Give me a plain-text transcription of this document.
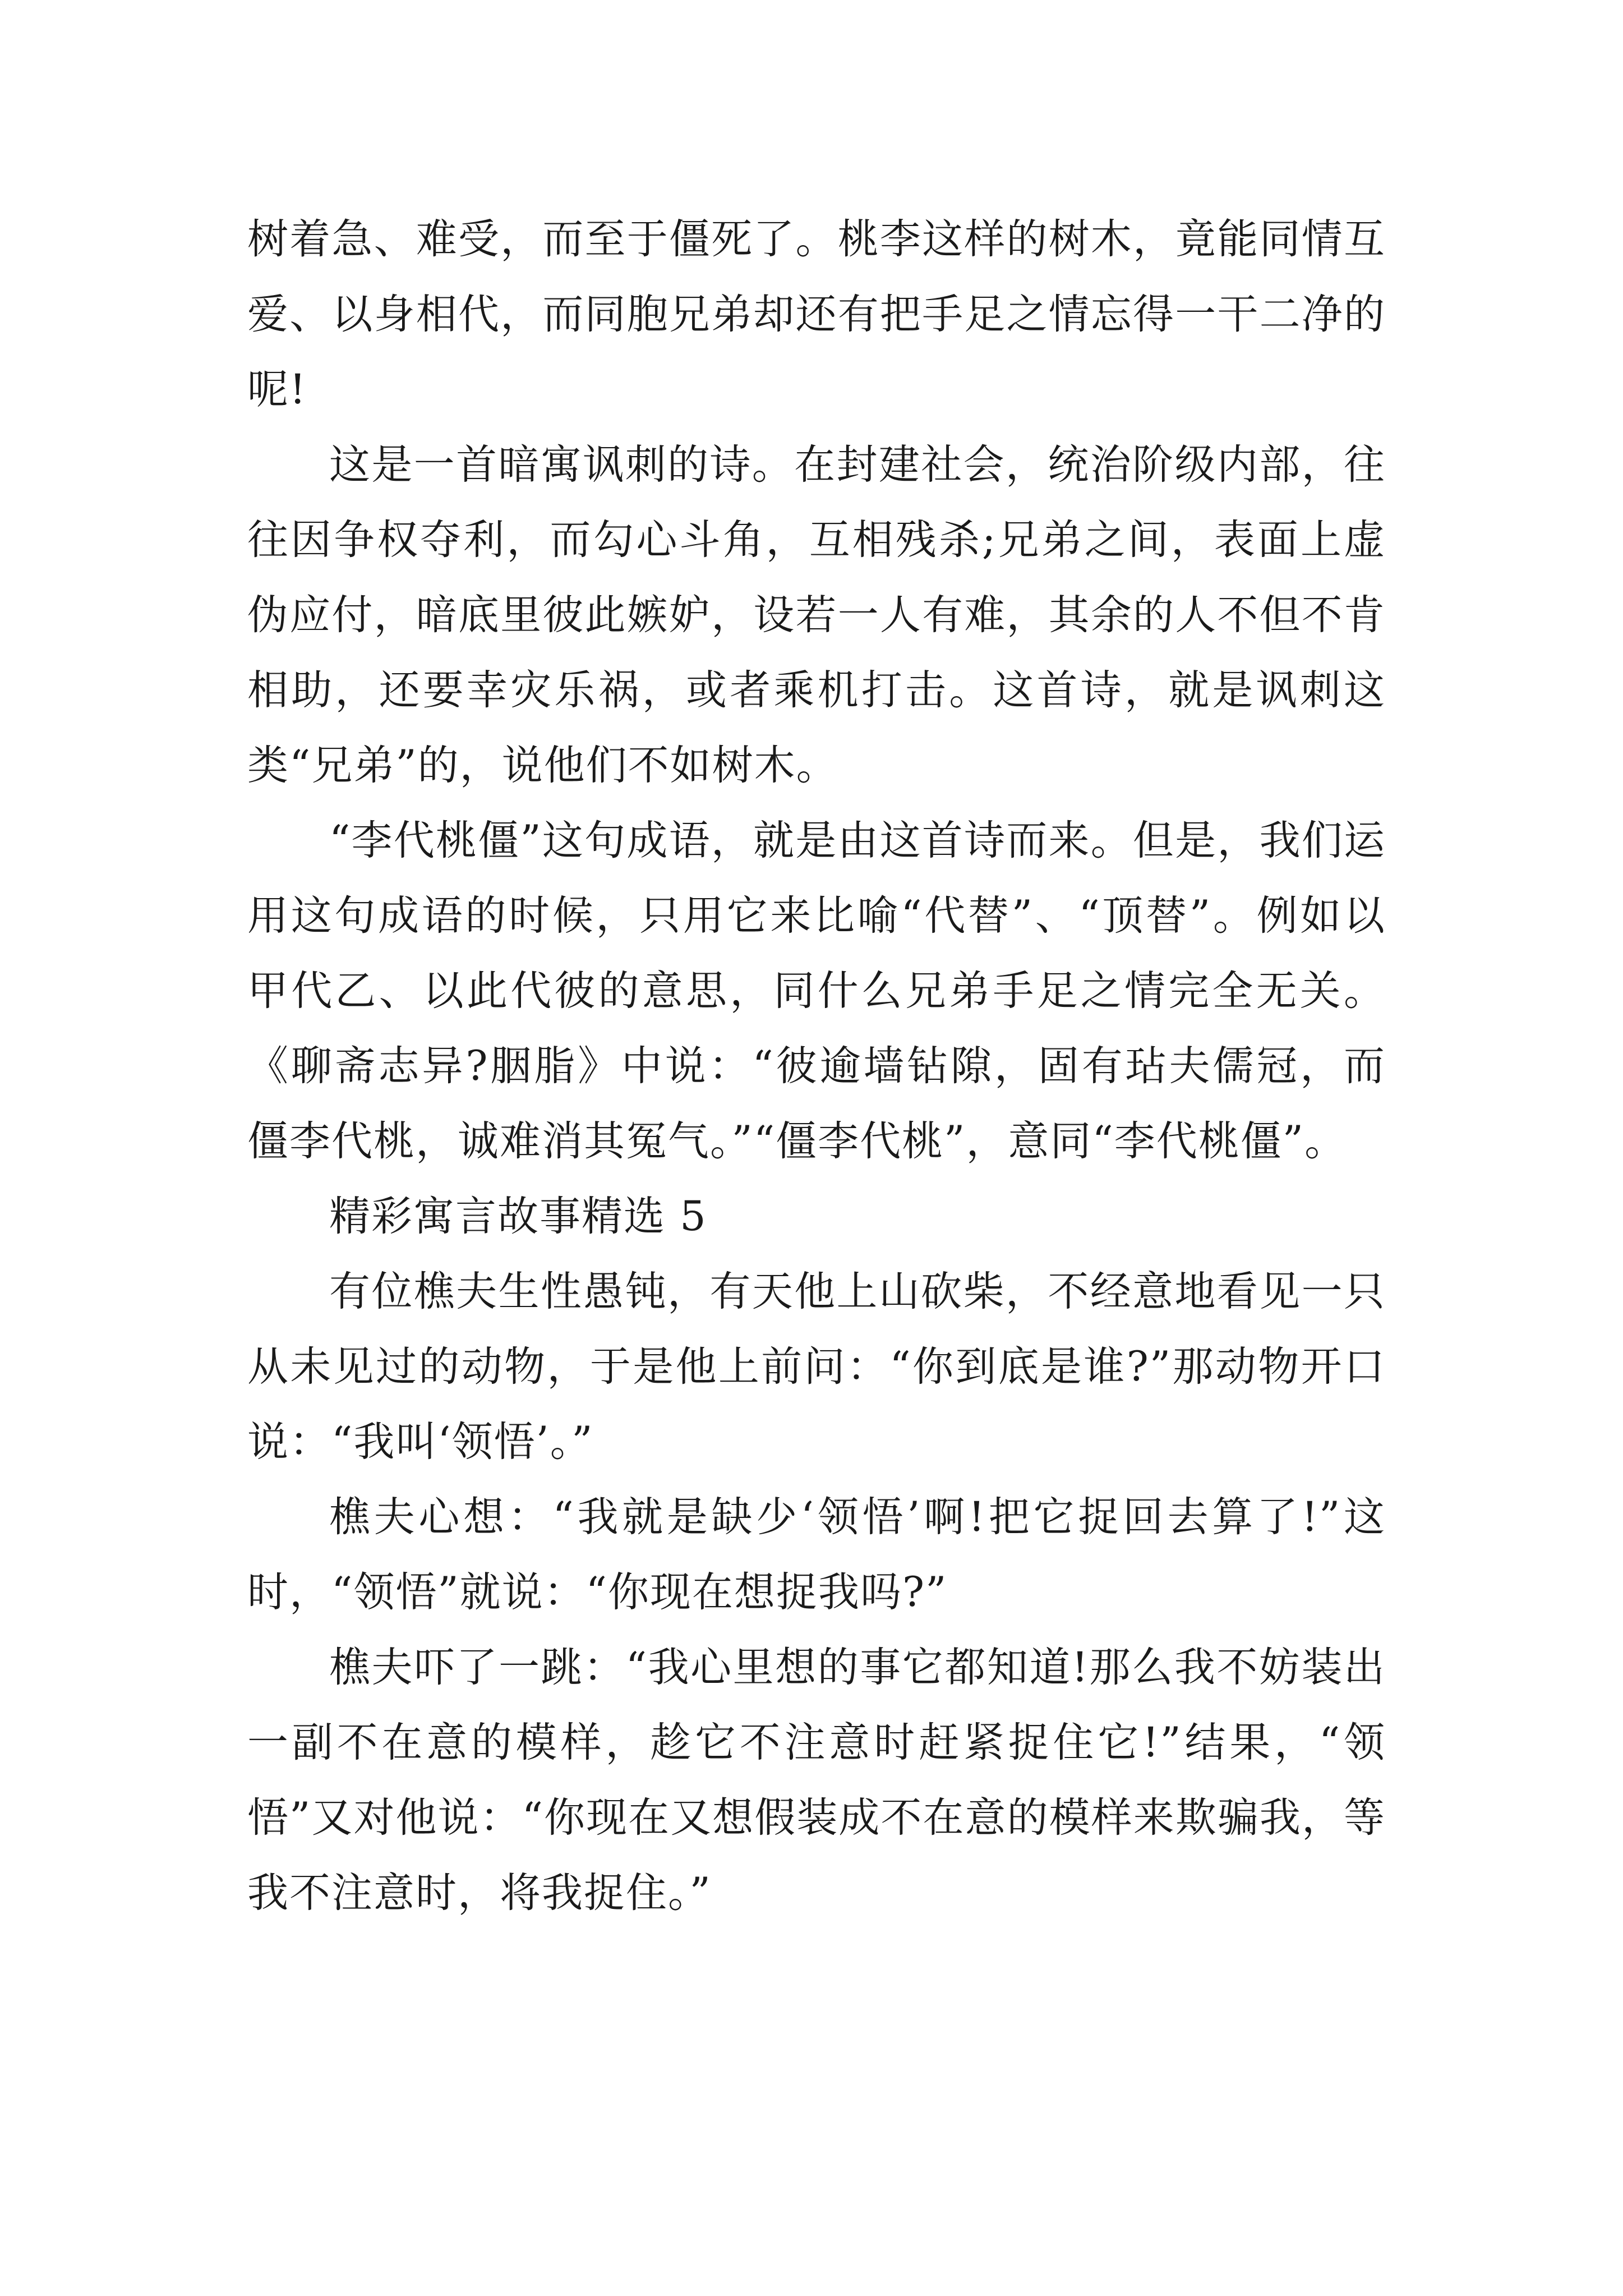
树着急、难受，而至于僵死了。桃李这样的树木，竟能同情互爱、以身相代，而同胞兄弟却还有把手足之情忘得一干二净的呢!

这是一首暗寓讽刺的诗。在封建社会，统治阶级内部，往往因争权夺利，而勾心斗角，互相残杀;兄弟之间，表面上虚伪应付，暗底里彼此嫉妒，设若一人有难，其余的人不但不肯相助，还要幸灾乐祸，或者乘机打击。这首诗，就是讽刺这类“兄弟”的，说他们不如树木。

“李代桃僵”这句成语，就是由这首诗而来。但是，我们运用这句成语的时候，只用它来比喻“代替”、“顶替”。例如以甲代乙、以此代彼的意思，同什么兄弟手足之情完全无关。《聊斋志异?胭脂》中说：“彼逾墙钻隙，固有玷夫儒冠，而僵李代桃，诚难消其冤气。”“僵李代桃”，意同“李代桃僵”。

精彩寓言故事精选 5

有位樵夫生性愚钝，有天他上山砍柴，不经意地看见一只从未见过的动物，于是他上前问：“你到底是谁?”那动物开口说：“我叫‘领悟’。”

樵夫心想：“我就是缺少‘领悟’啊!把它捉回去算了!”这时，“领悟”就说：“你现在想捉我吗?”

樵夫吓了一跳：“我心里想的事它都知道!那么我不妨装出一副不在意的模样，趁它不注意时赶紧捉住它!”结果，“领悟”又对他说：“你现在又想假装成不在意的模样来欺骗我，等我不注意时，将我捉住。”
